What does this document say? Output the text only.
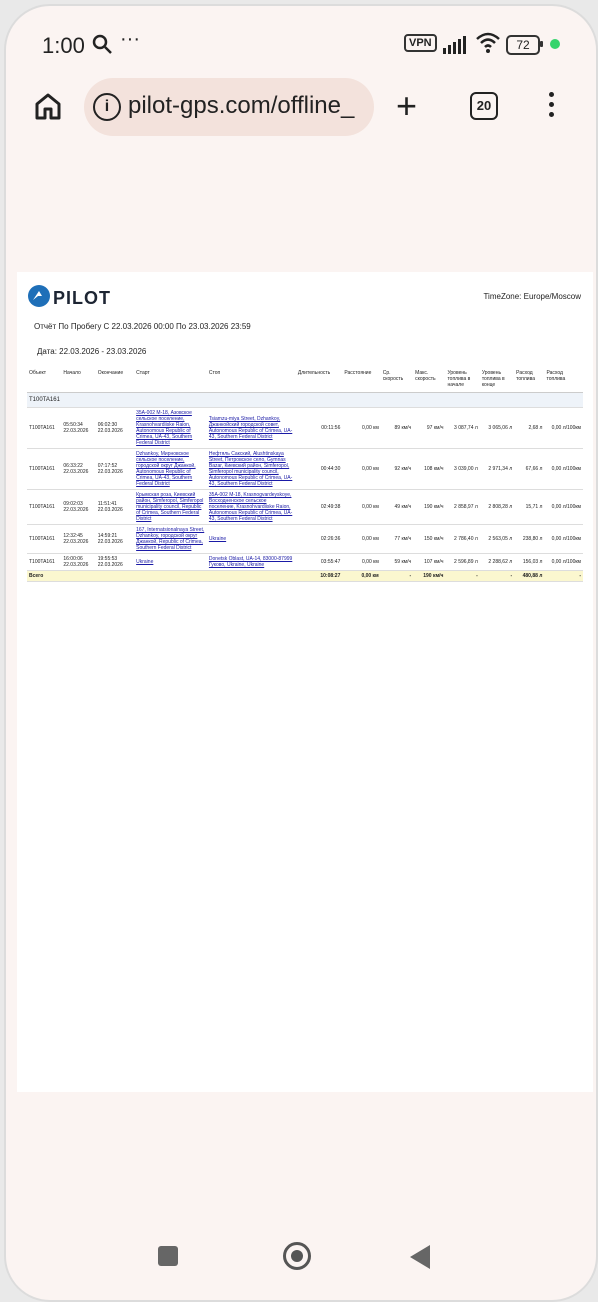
1:00 ···	VPN	72
i pilot-gps.com/offline_	+	20
PILOT	TimeZone: Europe/Moscow
Отчёт По Пробегу С 22.03.2026 00:00 По 23.03.2026 23:59
Дата: 22.03.2026 - 23.03.2026
Объект	Начало	Окончание	Старт	Стоп	Длительность	Расстояние	Ср. скорость	Макс. скорость	Уровень топлива в начале	Уровень топлива в конце	Расход топлива	Расход топлива
T100TA161												
T100TA161	05:50:34 22.03.2026	06:02:30 22.03.2026	35A-002 M-18, Азовское сельское поселение, Krasnohvardiiske Raion, Autonomous Republic of Crimea, UA-43, Southern Federal District	Tsiamzu-miya Street, Dzhankoy, Джанкойский городской совет, Autonomous Republic of Crimea, UA-43, Southern Federal District	00:11:56	0,00 км	89 км/ч	97 км/ч	3 087,74 л	3 065,06 л	2,68 л	0,00 л/100км
T100TA161	06:33:22 22.03.2026	07:17:52 22.03.2026	Dzhankoy, Мирновское сельское поселение, городской округ Джанкой, Autonomous Republic of Crimea, UA-43, Southern Federal District	Нефтяль Сакский, Alushtinskaya Street, Петровское село, Gymnas Bazar, Киевский район, Simferopol, Simferopol municipality council, Autonomous Republic of Crimea, UA-43, Southern Federal District	00:44:30	0,00 км	92 км/ч	108 км/ч	3 039,00 л	2 971,34 л	67,66 л	0,00 л/100км
T100TA161	09:02:03 22.03.2026	11:51:41 22.03.2026	Крымская роза, Киевский район, Simferopol, Simferopol municipality council, Republic of Crimea, Southern Federal District	35A-002 M-18, Krasnogvardeyskoye, Восходненское сельское поселение, Krasnohvardiiske Raion, Autonomous Republic of Crimea, UA-43, Southern Federal District	02:49:38	0,00 км	49 км/ч	190 км/ч	2 858,97 л	2 808,28 л	15,71 л	0,00 л/100км
T100TA161	12:32:45 22.03.2026	14:59:21 22.03.2026	167, Internatsionalnaya Street, Dzhankoy, городской округ Джанкой, Republic of Crimea, Southern Federal District	Ukraine	02:26:36	0,00 км	77 км/ч	150 км/ч	2 786,40 л	2 563,05 л	238,80 л	0,00 л/100км
T100TA161	16:00:06 22.03.2026	19:55:53 22.03.2026	Ukraine	Donetsk Oblast, UA-14, 83000-87999 Гуково, Ukraine, Ukraine	03:55:47	0,00 км	59 км/ч	107 км/ч	2 596,89 л	2 288,62 л	156,03 л	0,00 л/100км
Всего					10:08:27	0,00 км	-	190 км/ч	-	-	480,88 л	-
